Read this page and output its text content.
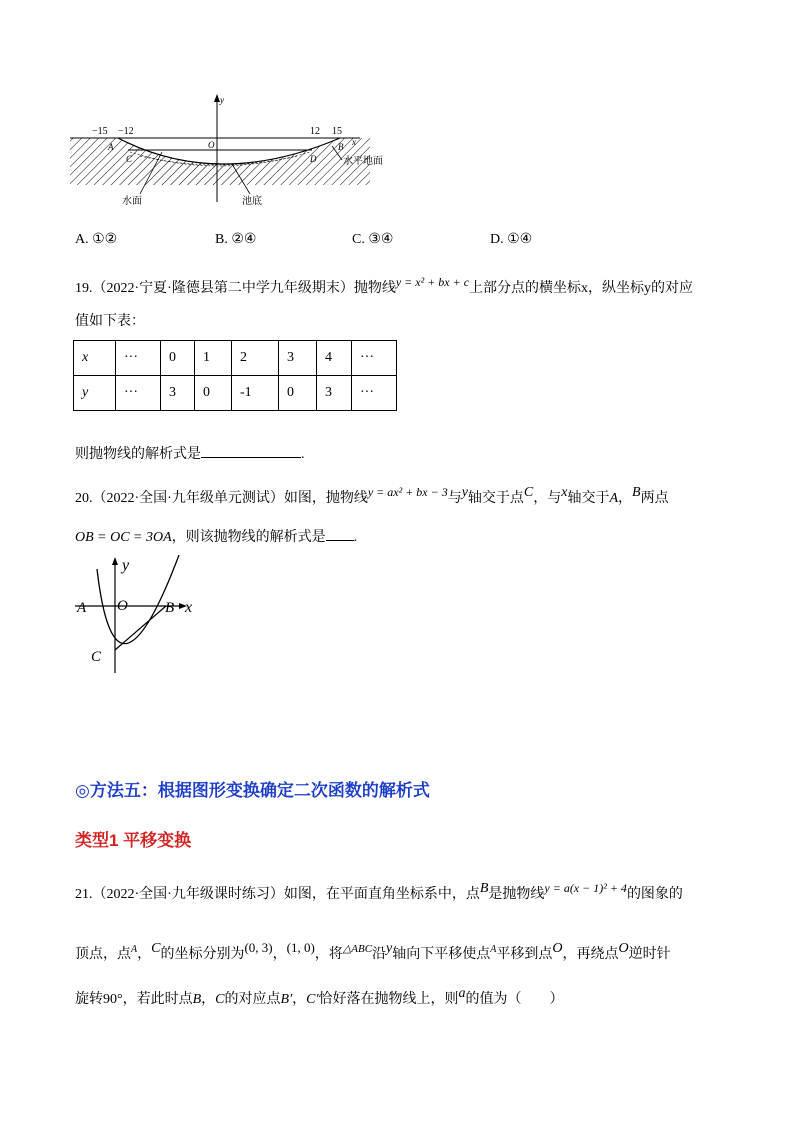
y
x
−15 −12	12 15
O
A	B
C	D
水面	池底
水平地面
A. ①②	B. ②④	C. ③④	D. ①④
19.（2022·宁夏·隆德县第二中学九年级期末）抛物线y = x² + bx + c上部分点的横坐标x，纵坐标y的对应
值如下表：
x	···	0	1	2	3	4	···
y	···	3	0	-1	0	3	···
则抛物线的解析式是	.
20.（2022·全国·九年级单元测试）如图，抛物线y = ax² + bx − 3与y轴交于点C，与x轴交于A，B两点
OB = OC = 3OA，则该抛物线的解析式是 .
y
x
A O B
C
◎方法五：根据图形变换确定二次函数的解析式
类型1 平移变换
21.（2022·全国·九年级课时练习）如图，在平面直角坐标系中，点B是抛物线y = a(x − 1)² + 4的图象的
顶点，点$^A$，C的坐标分别为(0, 3)，(1, 0)，将$^{\triangle ABC}$沿y轴向下平移使点$^A$平移到点O，再绕点O逆时针
旋转90°，若此时点B，C的对应点B′，C′恰好落在抛物线上，则a的值为（　　）
